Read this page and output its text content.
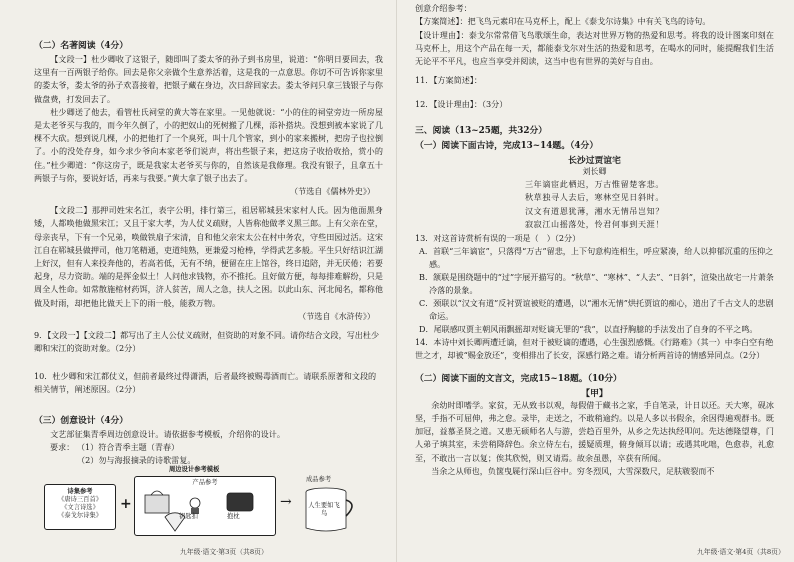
（二）名著阅读（4分）

【文段一】杜少卿收了这银子，随即叫了娄太爷的孙子到书房里，说道：“你明日要回去，我这里有一百两银子给你。回去是你父亲做个生意养活着，这是我的一点意思。你切不可告诉你家里的娄太爷，娄太爷的孙子欢喜接着，把银子藏在身边，次日辞回家去。娄太爷问只拿三钱银子与你做盘费，打发回去了。

杜少卿送了他去，看管杜氏祠堂的黄大等在家里。一见他就说：“小的住的祠堂旁边一所房屋是太老爷买与我的，而今年久倒了，小的把奴山的死树搬了几棵，添补搭块。没想到被本家说了几棵不大砍。想到说几棵，小的把他打了一个臭死，叫十几个管家，到小的家来搬树，把房子也拉倒了。小的没处存身，如今求少爷向本家老爷们说声，将出些银子来，把这房子收拾收拾，赏小的住。”杜少卿道：“你这房子，既是我家太老爷买与你的，自然该是我修理。我没有银子，且拿五十两银子与你，要说好话，再来与我要。”黄大拿了银子出去了。

（节选自《儒林外史》）

【文段二】那押司姓宋名江，表字公明，排行第三，祖居郓城县宋家村人氏。因为他面黑身矮，人都唤他做黑宋江；又且于家大孝，为人仗义疏财，人皆称他做孝义黑三郎。上有父亲在堂，母亲丧早，下有一个兄弟，唤做铁扇子宋清，自和他父亲宋太公在村中务农，守些田园过活。这宋江自在郓城县做押司，他刀笔精通，吏道纯熟，更兼爱习枪棒，学得武艺多般。平生只好结识江湖上好汉，但有人来投奔他的，若高若低，无有不纳，便留在庄上馆谷，终日追陪，并无厌倦；若要起身，尽力资助。端的是挥金似土！人问他求钱物，亦不推托。且好做方便，每每排难解纷，只是周全人性命。如常散施棺材药饵，济人贫苦，周人之急，扶人之困。以此山东、河北闻名，都称他做及时雨，却把他比做天上下的雨一般，能救万物。

（节选自《水浒传》）

9．【文段一】【文段二】都写出了主人公仗义疏财，但资助的对象不同。请你结合文段，写出杜少卿和宋江的资助对象。（2分）

10．杜少卿和宋江都仗义，但前者最终过得潇洒，后者最终被赐毒酒而亡。请联系原著和文段的相关情节，阐述原因。（2分）

（三）创意设计（4分）

文艺部征集青季周边创意设计。请依据参考模板，介绍你的设计。

要求： （1）符合青季主题（青春）

（2）勿与海报摘录的诗歌雷复。

周边设计参考模板
诗集参考
《唐诗三百首》
《文言诗选》
《泰戈尔诗集》
+
产品参考
钥匙扣	抱枕
→
成品参考
人生要如飞鸟
九年级·语文·第3页（共8页）

创意介绍参考：

【方案简述】：把飞鸟元素印在马克杯上，配上《泰戈尔诗集》中有关飞鸟的诗句。

【设计理由】：泰戈尔常常借飞鸟歌颂生命，表达对世界万物的热爱和思考。将我的设计图案印刻在马克杯上，用这个产品在每一天，都能泰戈尔对生活的热爱和思考，在喝水的同时，能提醒我们生活无论平不平凡，也应当享受并阅读，这当中也有世界的美好与自由。

11．【方案简述】：

12．【设计理由】：（3分）

三、阅读（13~25题，共32分）
（一）阅读下面古诗，完成13~14题。（4分）
长沙过贾谊宅
刘长卿

三年谪宦此栖迟，万古惟留楚客悲。

秋草独寻人去后，寒林空见日斜时。

汉文有道恩犹薄，湘水无情吊岂知？

寂寂江山摇落处，怜君何事到天涯！

13．对这首诗赏析有误的一项是（　）（2分）

A．首联“三年谪宦”，只落得“万古”留悲，上下句意构连相生，呼应紧凑，给人以抑郁沉重的压抑之感。

B．颔联是围绕题中的“过”字展开描写的。“秋草”、“寒林”、“人去”、“日斜”，渲染出故宅一片萧条冷落的景象。

C．颈联以“汉文有道”反衬贾谊被贬的遭遇，以“湘水无情”烘托贾谊的痴心，道出了千古文人的悲剧命运。

D．尾联感叹贾主朝风雨飘摇却对贬谪无罪的“我”，以直抒胸臆的手法发出了自身的不平之鸣。

14．本诗中刘长卿两遭迁谪，但对于被贬谪的遭遇，心生强烈感慨。《行路难》（其一）中李白空有绝世之才，却被“赐金放还”，变相排出了长安，深感行路之难。请分析两首诗的情感异同点。（2分）

（二）阅读下面的文言文，完成15~18题。（10分）
【甲】

余幼时即嗜学。家贫，无从致书以观，每假借于藏书之家，手自笔录，计日以还。天大寒，砚冰坚，手指不可屈伸，弗之怠。录毕，走送之，不敢稍逾约。以是人多以书假余，余因得遍观群书。既加冠，益慕圣贤之道。又患无硕师名人与游，尝趋百里外，从乡之先达执经叩问。先达德隆望尊，门人弟子填其室，未尝稍降辞色。余立侍左右，援疑质理，俯身倾耳以请；或遇其叱咄，色愈恭，礼愈至，不敢出一言以复；俟其欣悦，则又请焉。故余虽愚，卒获有所闻。

当余之从师也，负箧曳屣行深山巨谷中。穷冬烈风，大雪深数尺，足肤皲裂而不

九年级·语文·第4页（共8页）
